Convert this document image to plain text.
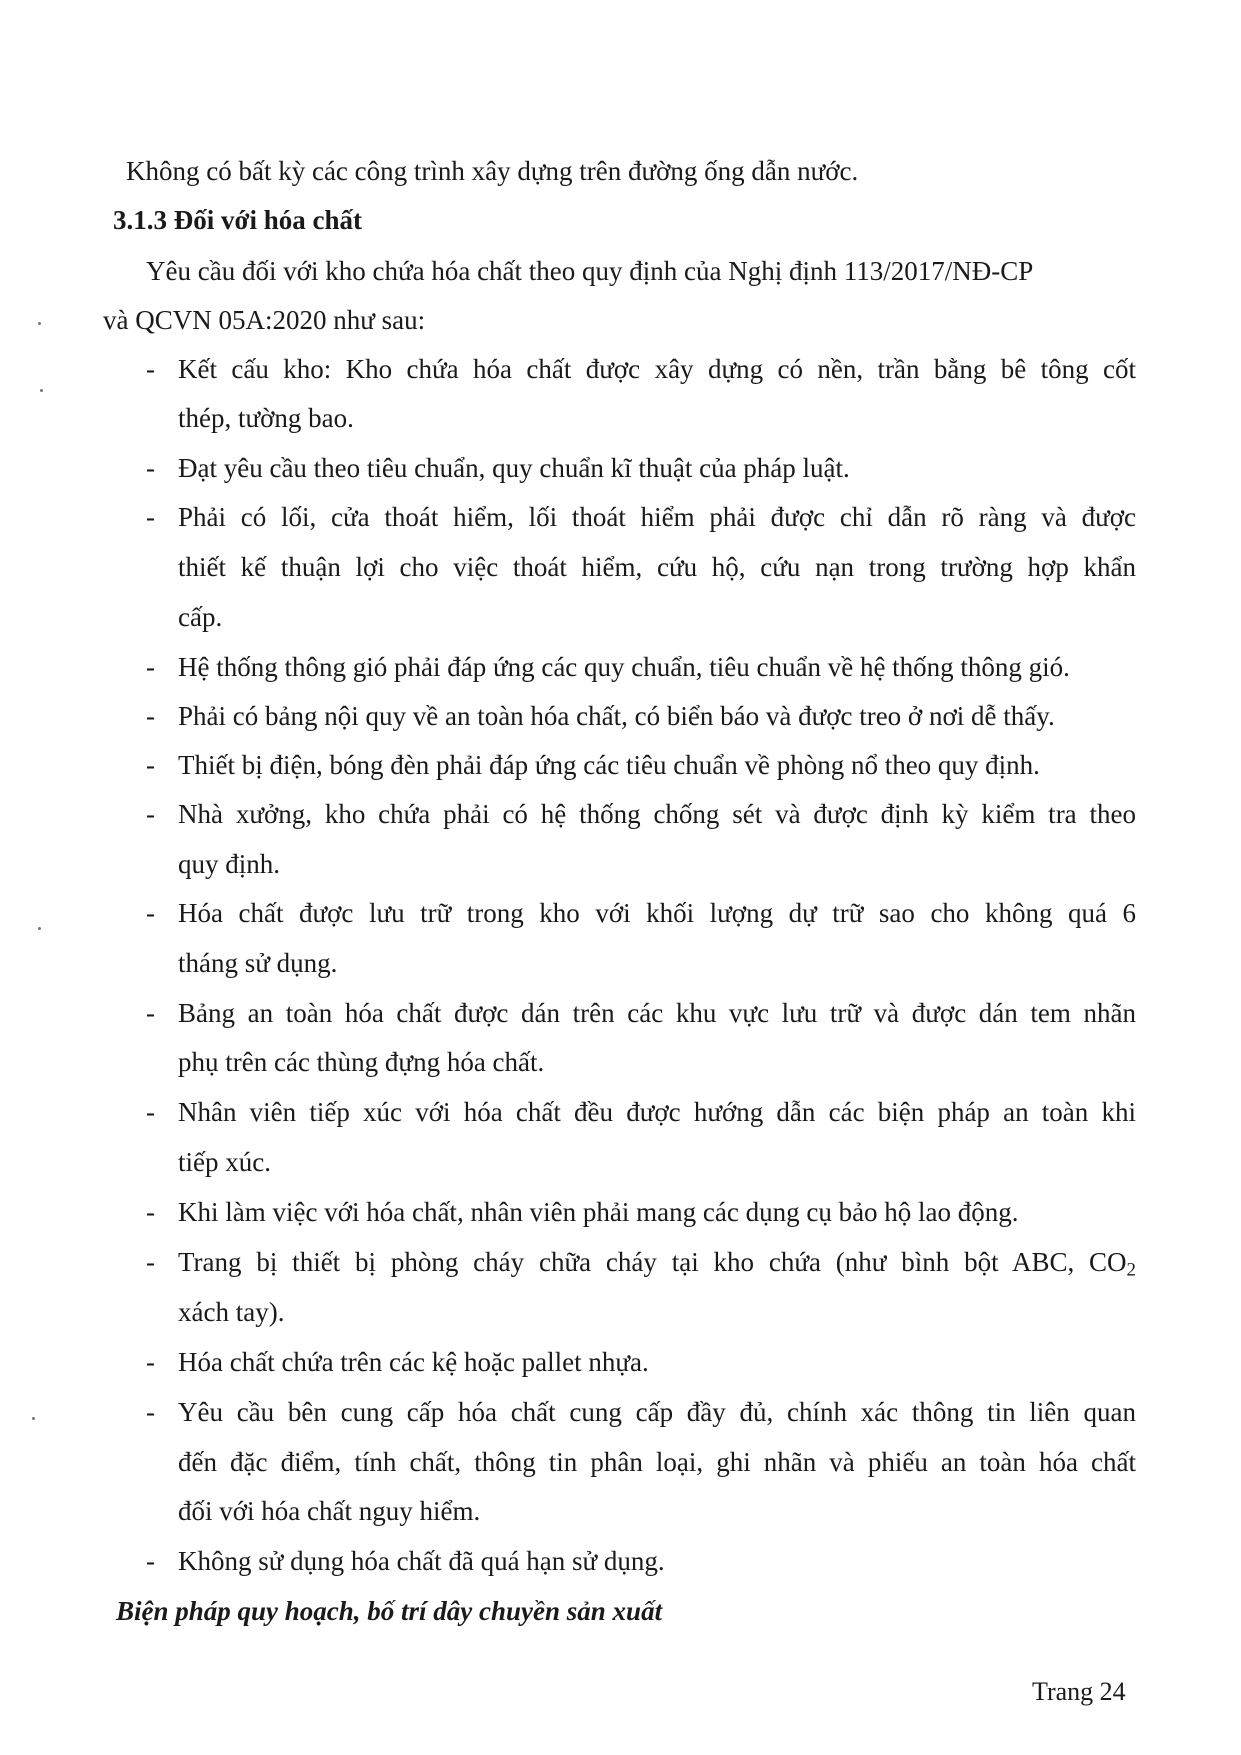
Không có bất kỳ các công trình xây dựng trên đường ống dẫn nước.
3.1.3 Đối với hóa chất
Yêu cầu đối với kho chứa hóa chất theo quy định của Nghị định 113/2017/NĐ-CP
và QCVN 05A:2020 như sau:
- Kết cấu kho: Kho chứa hóa chất được xây dựng có nền, trần bằng bê tông cốt
thép, tường bao.
- Đạt yêu cầu theo tiêu chuẩn, quy chuẩn kĩ thuật của pháp luật.
- Phải có lối, cửa thoát hiểm, lối thoát hiểm phải được chỉ dẫn rõ ràng và được
thiết kế thuận lợi cho việc thoát hiểm, cứu hộ, cứu nạn trong trường hợp khẩn
cấp.
- Hệ thống thông gió phải đáp ứng các quy chuẩn, tiêu chuẩn về hệ thống thông gió.
- Phải có bảng nội quy về an toàn hóa chất, có biển báo và được treo ở nơi dễ thấy.
- Thiết bị điện, bóng đèn phải đáp ứng các tiêu chuẩn về phòng nổ theo quy định.
- Nhà xưởng, kho chứa phải có hệ thống chống sét và được định kỳ kiểm tra theo
quy định.
- Hóa chất được lưu trữ trong kho với khối lượng dự trữ sao cho không quá 6
tháng sử dụng.
- Bảng an toàn hóa chất được dán trên các khu vực lưu trữ và được dán tem nhãn
phụ trên các thùng đựng hóa chất.
- Nhân viên tiếp xúc với hóa chất đều được hướng dẫn các biện pháp an toàn khi
tiếp xúc.
- Khi làm việc với hóa chất, nhân viên phải mang các dụng cụ bảo hộ lao động.
- Trang bị thiết bị phòng cháy chữa cháy tại kho chứa (như bình bột ABC, $CO_2$
xách tay).
- Hóa chất chứa trên các kệ hoặc pallet nhựa.
- Yêu cầu bên cung cấp hóa chất cung cấp đầy đủ, chính xác thông tin liên quan
đến đặc điểm, tính chất, thông tin phân loại, ghi nhãn và phiếu an toàn hóa chất
đối với hóa chất nguy hiểm.
- Không sử dụng hóa chất đã quá hạn sử dụng.
Biện pháp quy hoạch, bố trí dây chuyền sản xuất
Trang 24
